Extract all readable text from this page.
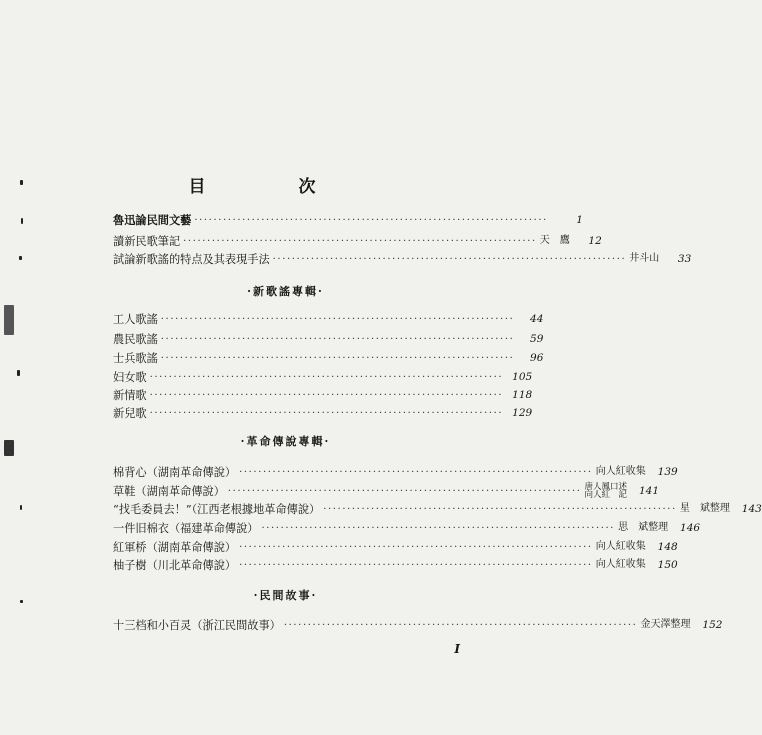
目　次
魯迅論民間文藝 ··········································································	1
讀新民歌筆記 ·········································································· 天　鷹	12
試論新歌謠的特点及其表現手法 ·········································································· 井斗山	33
·新歌謠專輯·
工人歌謠 ··········································································	44
農民歌謠 ··········································································	59
士兵歌謠 ··········································································	96
妇女歌 ·········································································· 105
新情歌 ·········································································· 118
新兒歌 ·········································································· 129
·革命傳說專輯·
棉背心（湖南革命傳說） ·········································································· 向人紅收集	139
草鞋（湖南革命傳說） ·········································································· 唐人鳳口述
向人紅　記	141
“找毛委員去！”（江西老根據地革命傳說） ·········································································· 星　斌整理	143
一件旧棉衣（福建革命傳說） ·········································································· 思　斌整理	146
紅軍桥（湖南革命傳說） ·········································································· 向人紅收集	148
柚子樹（川北革命傳說） ·········································································· 向人紅收集	150
·民間故事·
十三档和小百灵（浙江民間故事） ·········································································· 金天澤整理	152
I
